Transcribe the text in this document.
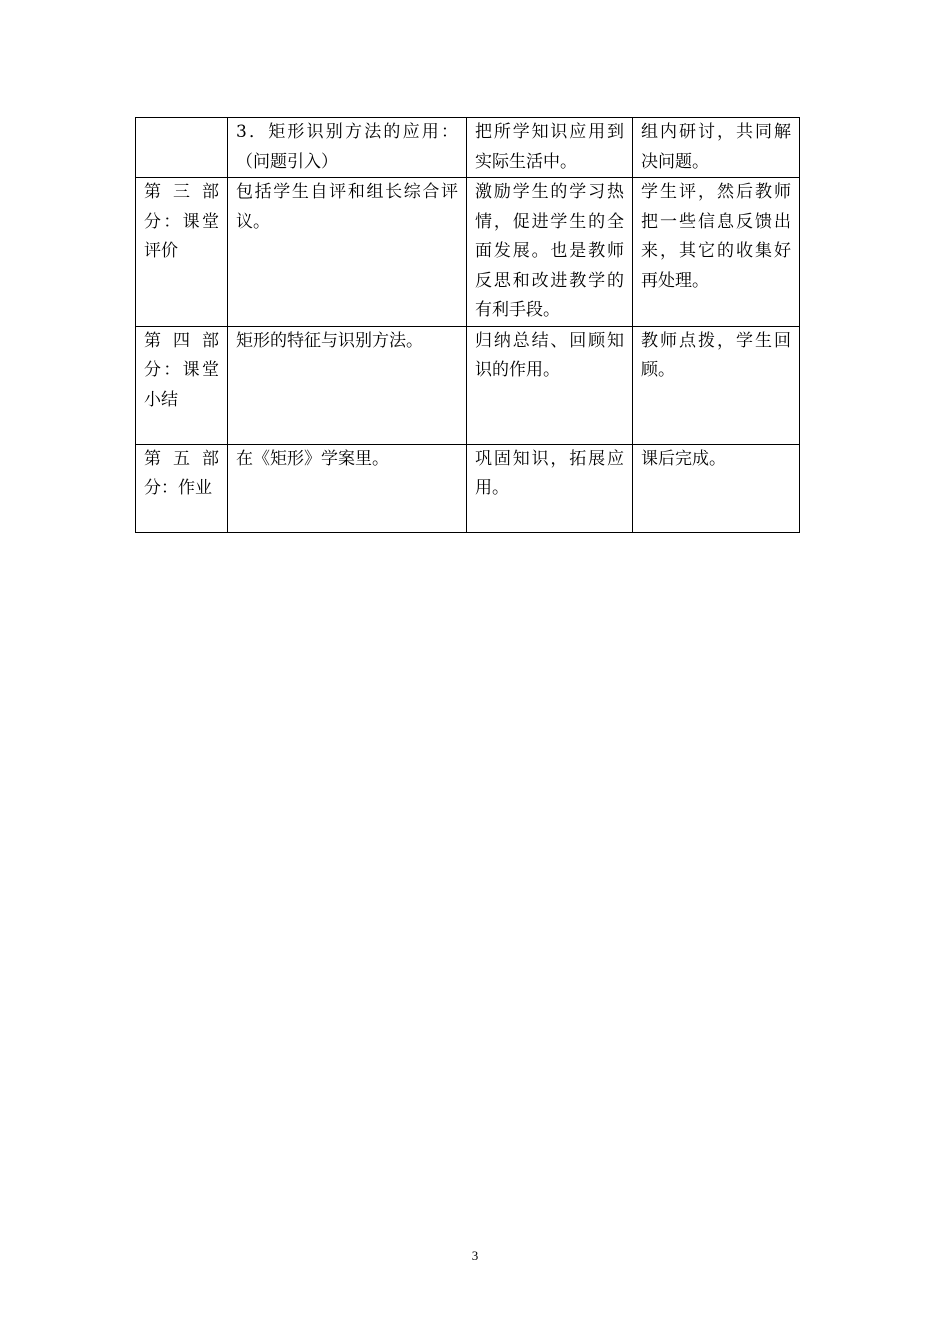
	3．矩形识别方法的应用：（问题引入）	把所学知识应用到实际生活中。	组内研讨，共同解决问题。
第三部分：课堂评价	包括学生自评和组长综合评议。	激励学生的学习热情，促进学生的全面发展。也是教师反思和改进教学的有利手段。	学生评，然后教师把一些信息反馈出来，其它的收集好再处理。
第四部分：课堂小结	矩形的特征与识别方法。	归纳总结、回顾知识的作用。	教师点拨，学生回顾。
第五部分：作业	在《矩形》学案里。	巩固知识，拓展应用。	课后完成。
3
